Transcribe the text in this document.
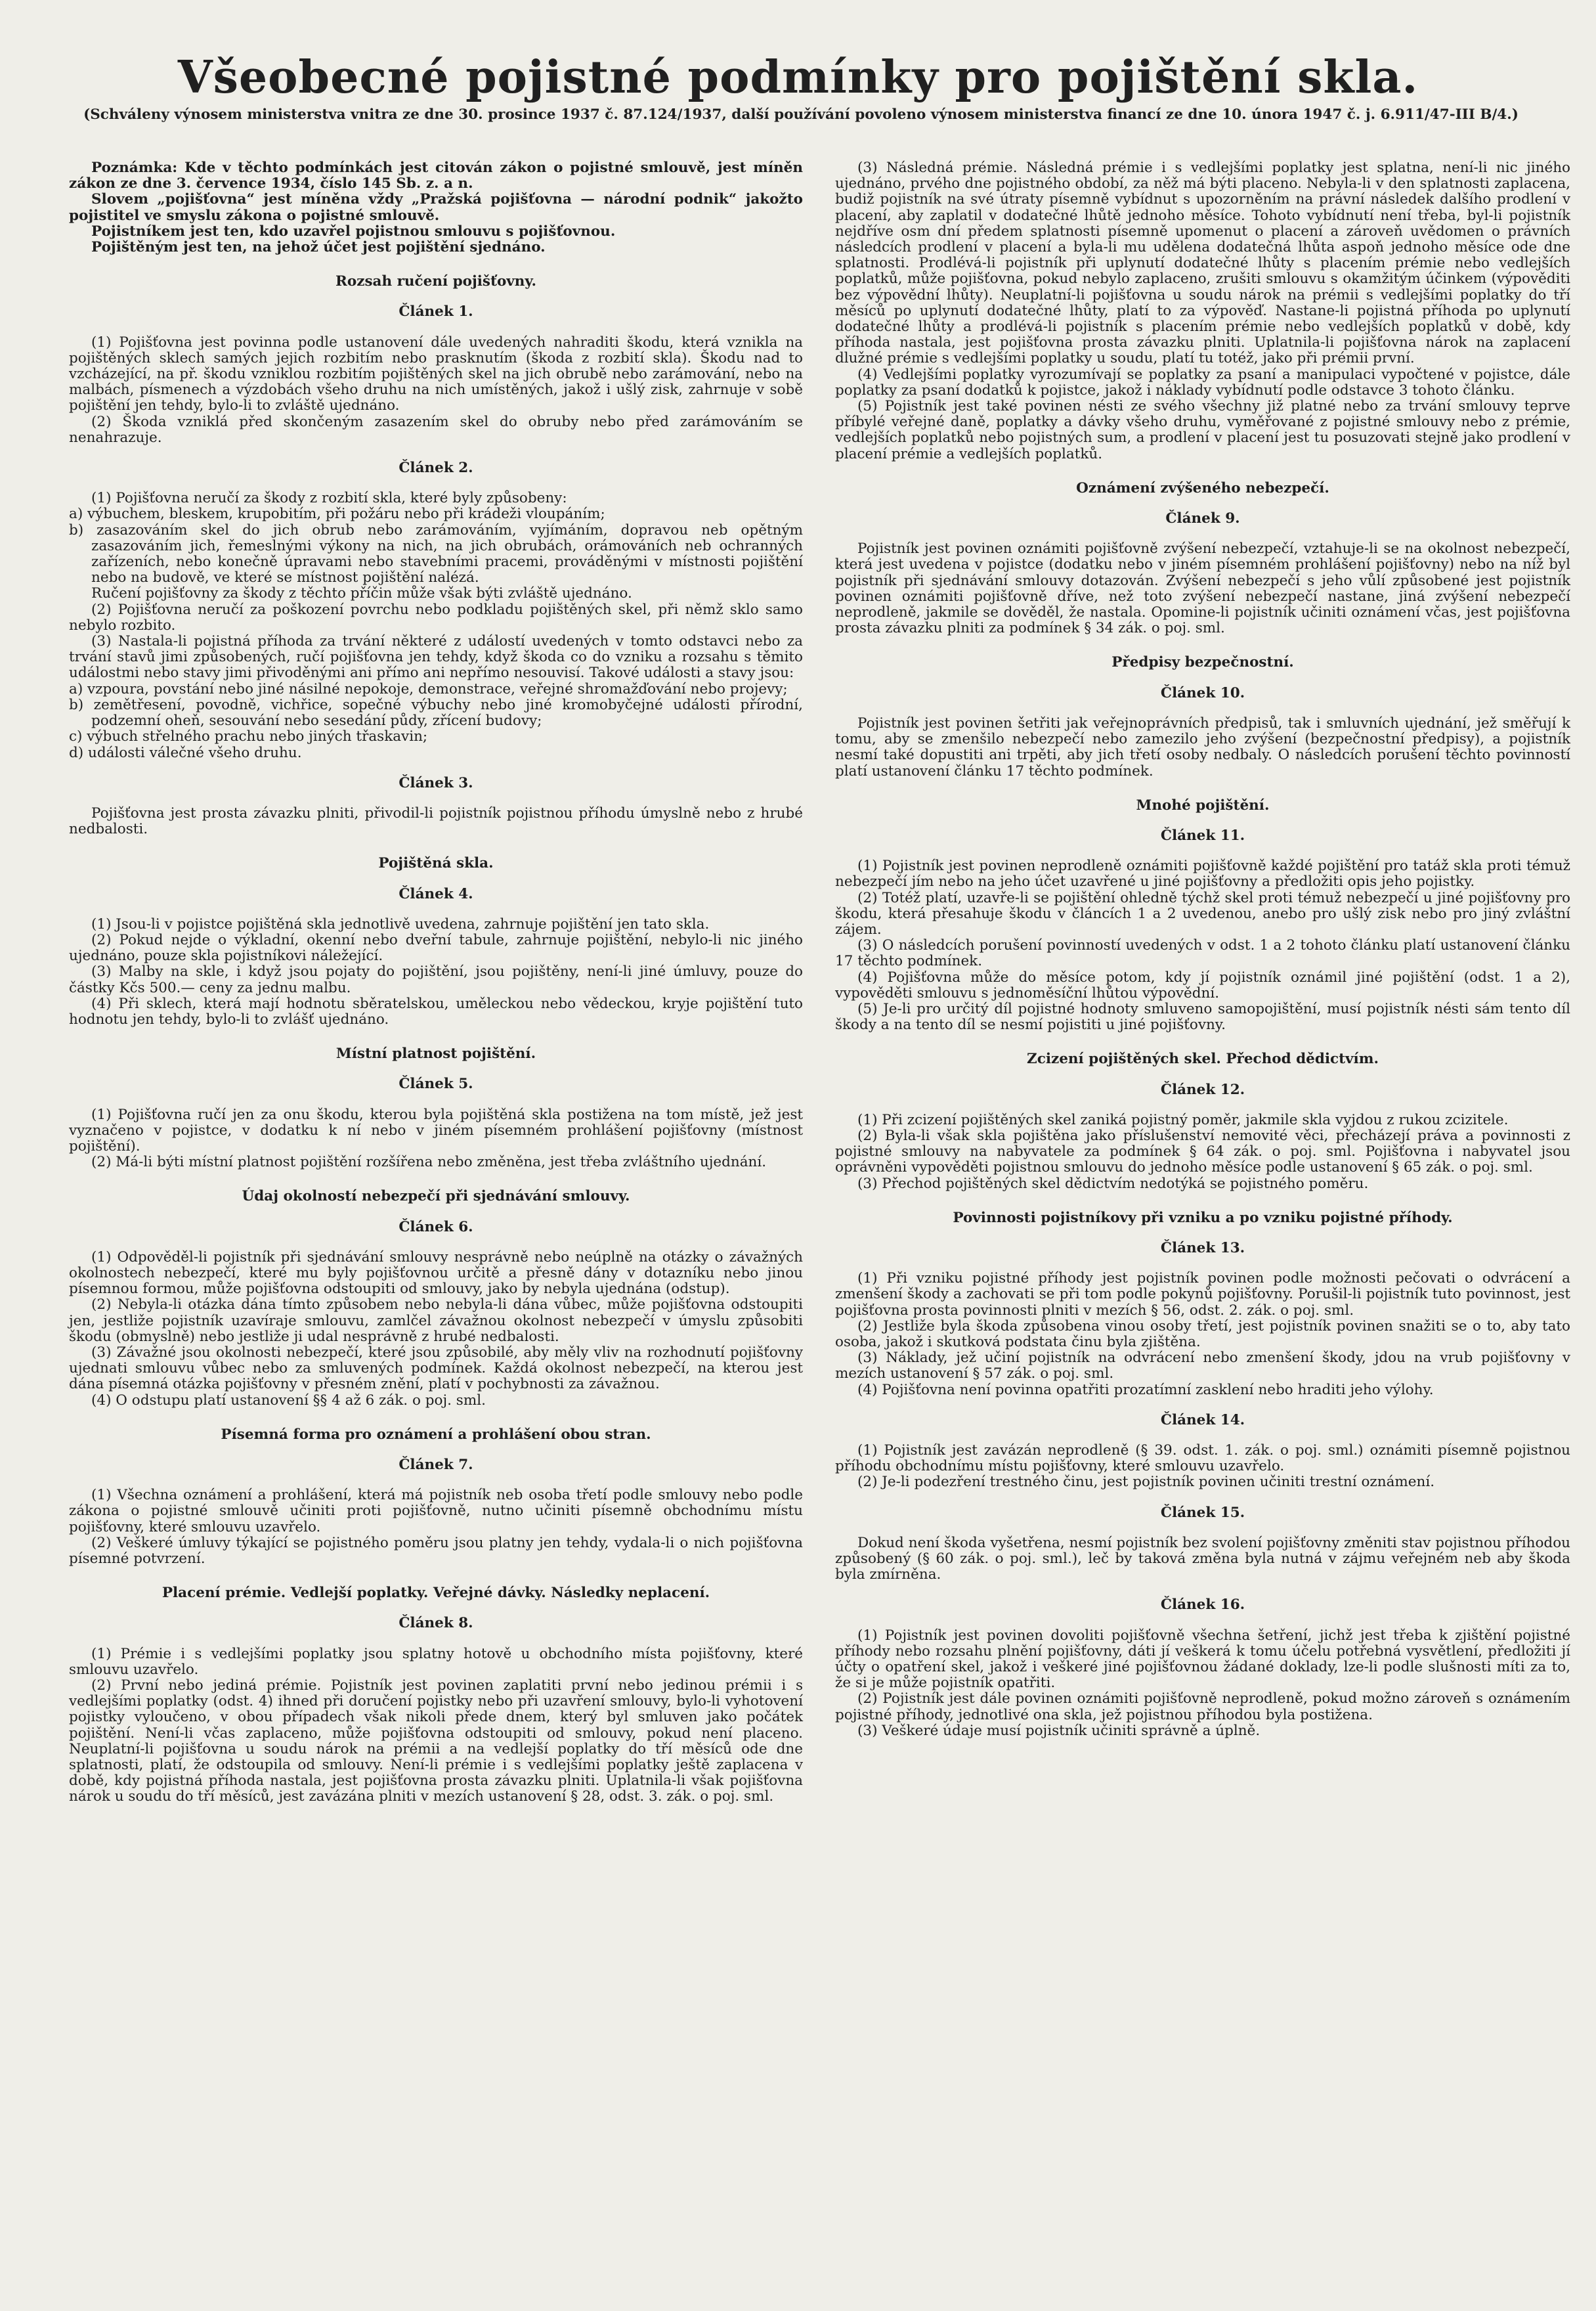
Všeobecné pojistné podmínky pro pojištění skla.
(Schváleny výnosem ministerstva vnitra ze dne 30. prosince 1937 č. 87.124/1937, další používání povoleno výnosem ministerstva financí ze dne 10. února 1947 č. j. 6.911/47-III B/4.)
Poznámka: Kde v těchto podmínkách jest citován zákon o pojistné smlouvě, jest míněn zákon ze dne 3. července 1934, číslo 145 Sb. z. a n.
Slovem „pojišťovna“ jest míněna vždy „Pražská pojišťovna — národní podnik“ jakožto pojistitel ve smyslu zákona o pojistné smlouvě.
Pojistníkem jest ten, kdo uzavřel pojistnou smlouvu s pojišťovnou.
Pojištěným jest ten, na jehož účet jest pojištění sjednáno.
Rozsah ručení pojišťovny.
Článek 1.
(1) Pojišťovna jest povinna podle ustanovení dále uvedených nahraditi škodu, která vznikla na pojištěných sklech samých jejich rozbitím nebo prasknutím (škoda z rozbití skla). Škodu nad to vzcházející, na př. škodu vzniklou rozbitím pojištěných skel na jich obrubě nebo zarámování, nebo na malbách, písmenech a výzdobách všeho druhu na nich umístěných, jakož i ušlý zisk, zahrnuje v sobě pojištění jen tehdy, bylo-li to zvláště ujednáno.
(2) Škoda vzniklá před skončeným zasazením skel do obruby nebo před zarámováním se nenahrazuje.
Článek 2.
(1) Pojišťovna neručí za škody z rozbití skla, které byly způsobeny:
a) výbuchem, bleskem, krupobitím, při požáru nebo při krádeži vloupáním;
b) zasazováním skel do jich obrub nebo zarámováním, vyjímáním, dopravou neb opětným zasazováním jich, řemeslnými výkony na nich, na jich obrubách, orámováních neb ochranných zařízeních, nebo konečně úpravami nebo stavebními pracemi, prováděnými v místnosti pojištění nebo na budově, ve které se místnost pojištění nalézá.
Ručení pojišťovny za škody z těchto příčin může však býti zvláště ujednáno.
(2) Pojišťovna neručí za poškození povrchu nebo podkladu pojištěných skel, při němž sklo samo nebylo rozbito.
(3) Nastala-li pojistná příhoda za trvání některé z událostí uvedených v tomto odstavci nebo za trvání stavů jimi způsobených, ručí pojišťovna jen tehdy, když škoda co do vzniku a rozsahu s těmito událostmi nebo stavy jimi přivoděnými ani přímo ani nepřímo nesouvisí. Takové události a stavy jsou:
a) vzpoura, povstání nebo jiné násilné nepokoje, demonstrace, veřejné shromažďování nebo projevy;
b) zemětřesení, povodně, vichřice, sopečné výbuchy nebo jiné kromobyčejné události přírodní, podzemní oheň, sesouvání nebo sesedání půdy, zřícení budovy;
c) výbuch střelného prachu nebo jiných třaskavin;
d) události válečné všeho druhu.
Článek 3.
Pojišťovna jest prosta závazku plniti, přivodil-li pojistník pojistnou příhodu úmyslně nebo z hrubé nedbalosti.
Pojištěná skla.
Článek 4.
(1) Jsou-li v pojistce pojištěná skla jednotlivě uvedena, zahrnuje pojištění jen tato skla.
(2) Pokud nejde o výkladní, okenní nebo dveřní tabule, zahrnuje pojištění, nebylo-li nic jiného ujednáno, pouze skla pojistníkovi náležející.
(3) Malby na skle, i když jsou pojaty do pojištění, jsou pojištěny, není-li jiné úmluvy, pouze do částky Kčs 500.— ceny za jednu malbu.
(4) Při sklech, která mají hodnotu sběratelskou, uměleckou nebo vědeckou, kryje pojištění tuto hodnotu jen tehdy, bylo-li to zvlášť ujednáno.
Místní platnost pojištění.
Článek 5.
(1) Pojišťovna ručí jen za onu škodu, kterou byla pojištěná skla postižena na tom místě, jež jest vyznačeno v pojistce, v dodatku k ní nebo v jiném písemném prohlášení pojišťovny (místnost pojištění).
(2) Má-li býti místní platnost pojištění rozšířena nebo změněna, jest třeba zvláštního ujednání.
Údaj okolností nebezpečí při sjednávání smlouvy.
Článek 6.
(1) Odpověděl-li pojistník při sjednávání smlouvy nesprávně nebo neúplně na otázky o závažných okolnostech nebezpečí, které mu byly pojišťovnou určitě a přesně dány v dotazníku nebo jinou písemnou formou, může pojišťovna odstoupiti od smlouvy, jako by nebyla ujednána (odstup).
(2) Nebyla-li otázka dána tímto způsobem nebo nebyla-li dána vůbec, může pojišťovna odstoupiti jen, jestliže pojistník uzavíraje smlouvu, zamlčel závažnou okolnost nebezpečí v úmyslu způsobiti škodu (obmyslně) nebo jestliže ji udal nesprávně z hrubé nedbalosti.
(3) Závažné jsou okolnosti nebezpečí, které jsou způsobilé, aby měly vliv na rozhodnutí pojišťovny ujednati smlouvu vůbec nebo za smluvených podmínek. Každá okolnost nebezpečí, na kterou jest dána písemná otázka pojišťovny v přesném znění, platí v pochybnosti za závažnou.
(4) O odstupu platí ustanovení §§ 4 až 6 zák. o poj. sml.
Písemná forma pro oznámení a prohlášení obou stran.
Článek 7.
(1) Všechna oznámení a prohlášení, která má pojistník neb osoba třetí podle smlouvy nebo podle zákona o pojistné smlouvě učiniti proti pojišťovně, nutno učiniti písemně obchodnímu místu pojišťovny, které smlouvu uzavřelo.
(2) Veškeré úmluvy týkající se pojistného poměru jsou platny jen tehdy, vydala-li o nich pojišťovna písemné potvrzení.
Placení prémie. Vedlejší poplatky. Veřejné dávky. Následky neplacení.
Článek 8.
(1) Prémie i s vedlejšími poplatky jsou splatny hotově u obchodního místa pojišťovny, které smlouvu uzavřelo.
(2) První nebo jediná prémie. Pojistník jest povinen zaplatiti první nebo jedinou prémii i s vedlejšími poplatky (odst. 4) ihned při doručení pojistky nebo při uzavření smlouvy, bylo-li vyhotovení pojistky vyloučeno, v obou případech však nikoli přede dnem, který byl smluven jako počátek pojištění. Není-li včas zaplaceno, může pojišťovna odstoupiti od smlouvy, pokud není placeno. Neuplatní-li pojišťovna u soudu nárok na prémii a na vedlejší poplatky do tří měsíců ode dne splatnosti, platí, že odstoupila od smlouvy. Není-li prémie i s vedlejšími poplatky ještě zaplacena v době, kdy pojistná příhoda nastala, jest pojišťovna prosta závazku plniti. Uplatnila-li však pojišťovna nárok u soudu do tří měsíců, jest zavázána plniti v mezích ustanovení § 28, odst. 3. zák. o poj. sml.
(3) Následná prémie. Následná prémie i s vedlejšími poplatky jest splatna, není-li nic jiného ujednáno, prvého dne pojistného období, za něž má býti placeno. Nebyla-li v den splatnosti zaplacena, budiž pojistník na své útraty písemně vybídnut s upozorněním na právní následek dalšího prodlení v placení, aby zaplatil v dodatečné lhůtě jednoho měsíce. Tohoto vybídnutí není třeba, byl-li pojistník nejdříve osm dní předem splatnosti písemně upomenut o placení a zároveň uvědomen o právních následcích prodlení v placení a byla-li mu udělena dodatečná lhůta aspoň jednoho měsíce ode dne splatnosti. Prodlévá-li pojistník při uplynutí dodatečné lhůty s placením prémie nebo vedlejších poplatků, může pojišťovna, pokud nebylo zaplaceno, zrušiti smlouvu s okamžitým účinkem (výpověditi bez výpovědní lhůty). Neuplatní-li pojišťovna u soudu nárok na prémii s vedlejšími poplatky do tří měsíců po uplynutí dodatečné lhůty, platí to za výpověď. Nastane-li pojistná příhoda po uplynutí dodatečné lhůty a prodlévá-li pojistník s placením prémie nebo vedlejších poplatků v době, kdy příhoda nastala, jest pojišťovna prosta závazku plniti. Uplatnila-li pojišťovna nárok na zaplacení dlužné prémie s vedlejšími poplatky u soudu, platí tu totéž, jako při prémii první.
(4) Vedlejšími poplatky vyrozumívají se poplatky za psaní a manipulaci vypočtené v pojistce, dále poplatky za psaní dodatků k pojistce, jakož i náklady vybídnutí podle odstavce 3 tohoto článku.
(5) Pojistník jest také povinen nésti ze svého všechny již platné nebo za trvání smlouvy teprve příbylé veřejné daně, poplatky a dávky všeho druhu, vyměřované z pojistné smlouvy nebo z prémie, vedlejších poplatků nebo pojistných sum, a prodlení v placení jest tu posuzovati stejně jako prodlení v placení prémie a vedlejších poplatků.
Oznámení zvýšeného nebezpečí.
Článek 9.
Pojistník jest povinen oznámiti pojišťovně zvýšení nebezpečí, vztahuje-li se na okolnost nebezpečí, která jest uvedena v pojistce (dodatku nebo v jiném písemném prohlášení pojišťovny) nebo na níž byl pojistník při sjednávání smlouvy dotazován. Zvýšení nebezpečí s jeho vůlí způsobené jest pojistník povinen oznámiti pojišťovně dříve, než toto zvýšení nebezpečí nastane, jiná zvýšení nebezpečí neprodleně, jakmile se dověděl, že nastala. Opomine-li pojistník učiniti oznámení včas, jest pojišťovna prosta závazku plniti za podmínek § 34 zák. o poj. sml.
Předpisy bezpečnostní.
Článek 10.
Pojistník jest povinen šetřiti jak veřejnoprávních předpisů, tak i smluvních ujednání, jež směřují k tomu, aby se zmenšilo nebezpečí nebo zamezilo jeho zvýšení (bezpečnostní předpisy), a pojistník nesmí také dopustiti ani trpěti, aby jich třetí osoby nedbaly. O následcích porušení těchto povinností platí ustanovení článku 17 těchto podmínek.
Mnohé pojištění.
Článek 11.
(1) Pojistník jest povinen neprodleně oznámiti pojišťovně každé pojištění pro tatáž skla proti témuž nebezpečí jím nebo na jeho účet uzavřené u jiné pojišťovny a předložiti opis jeho pojistky.
(2) Totéž platí, uzavře-li se pojištění ohledně týchž skel proti témuž nebezpečí u jiné pojišťovny pro škodu, která přesahuje škodu v článcích 1 a 2 uvedenou, anebo pro ušlý zisk nebo pro jiný zvláštní zájem.
(3) O následcích porušení povinností uvedených v odst. 1 a 2 tohoto článku platí ustanovení článku 17 těchto podmínek.
(4) Pojišťovna může do měsíce potom, kdy jí pojistník oznámil jiné pojištění (odst. 1 a 2), vypověděti smlouvu s jednoměsíční lhůtou výpovědní.
(5) Je-li pro určitý díl pojistné hodnoty smluveno samopojištění, musí pojistník nésti sám tento díl škody a na tento díl se nesmí pojistiti u jiné pojišťovny.
Zcizení pojištěných skel. Přechod dědictvím.
Článek 12.
(1) Při zcizení pojištěných skel zaniká pojistný poměr, jakmile skla vyjdou z rukou zcizitele.
(2) Byla-li však skla pojištěna jako příslušenství nemovité věci, přecházejí práva a povinnosti z pojistné smlouvy na nabyvatele za podmínek § 64 zák. o poj. sml. Pojišťovna i nabyvatel jsou oprávněni vypověděti pojistnou smlouvu do jednoho měsíce podle ustanovení § 65 zák. o poj. sml.
(3) Přechod pojištěných skel dědictvím nedotýká se pojistného poměru.
Povinnosti pojistníkovy při vzniku a po vzniku pojistné příhody.
Článek 13.
(1) Při vzniku pojistné příhody jest pojistník povinen podle možnosti pečovati o odvrácení a zmenšení škody a zachovati se při tom podle pokynů pojišťovny. Porušil-li pojistník tuto povinnost, jest pojišťovna prosta povinnosti plniti v mezích § 56, odst. 2. zák. o poj. sml.
(2) Jestliže byla škoda způsobena vinou osoby třetí, jest pojistník povinen snažiti se o to, aby tato osoba, jakož i skutková podstata činu byla zjištěna.
(3) Náklady, jež učiní pojistník na odvrácení nebo zmenšení škody, jdou na vrub pojišťovny v mezích ustanovení § 57 zák. o poj. sml.
(4) Pojišťovna není povinna opatřiti prozatímní zasklení nebo hraditi jeho výlohy.
Článek 14.
(1) Pojistník jest zavázán neprodleně (§ 39. odst. 1. zák. o poj. sml.) oznámiti písemně pojistnou příhodu obchodnímu místu pojišťovny, které smlouvu uzavřelo.
(2) Je-li podezření trestného činu, jest pojistník povinen učiniti trestní oznámení.
Článek 15.
Dokud není škoda vyšetřena, nesmí pojistník bez svolení pojišťovny změniti stav pojistnou příhodou způsobený (§ 60 zák. o poj. sml.), leč by taková změna byla nutná v zájmu veřejném neb aby škoda byla zmírněna.
Článek 16.
(1) Pojistník jest povinen dovoliti pojišťovně všechna šetření, jichž jest třeba k zjištění pojistné příhody nebo rozsahu plnění pojišťovny, dáti jí veškerá k tomu účelu potřebná vysvětlení, předložiti jí účty o opatření skel, jakož i veškeré jiné pojišťovnou žádané doklady, lze-li podle slušnosti míti za to, že si je může pojistník opatřiti.
(2) Pojistník jest dále povinen oznámiti pojišťovně neprodleně, pokud možno zároveň s oznámením pojistné příhody, jednotlivé ona skla, jež pojistnou příhodou byla postižena.
(3) Veškeré údaje musí pojistník učiniti správně a úplně.
